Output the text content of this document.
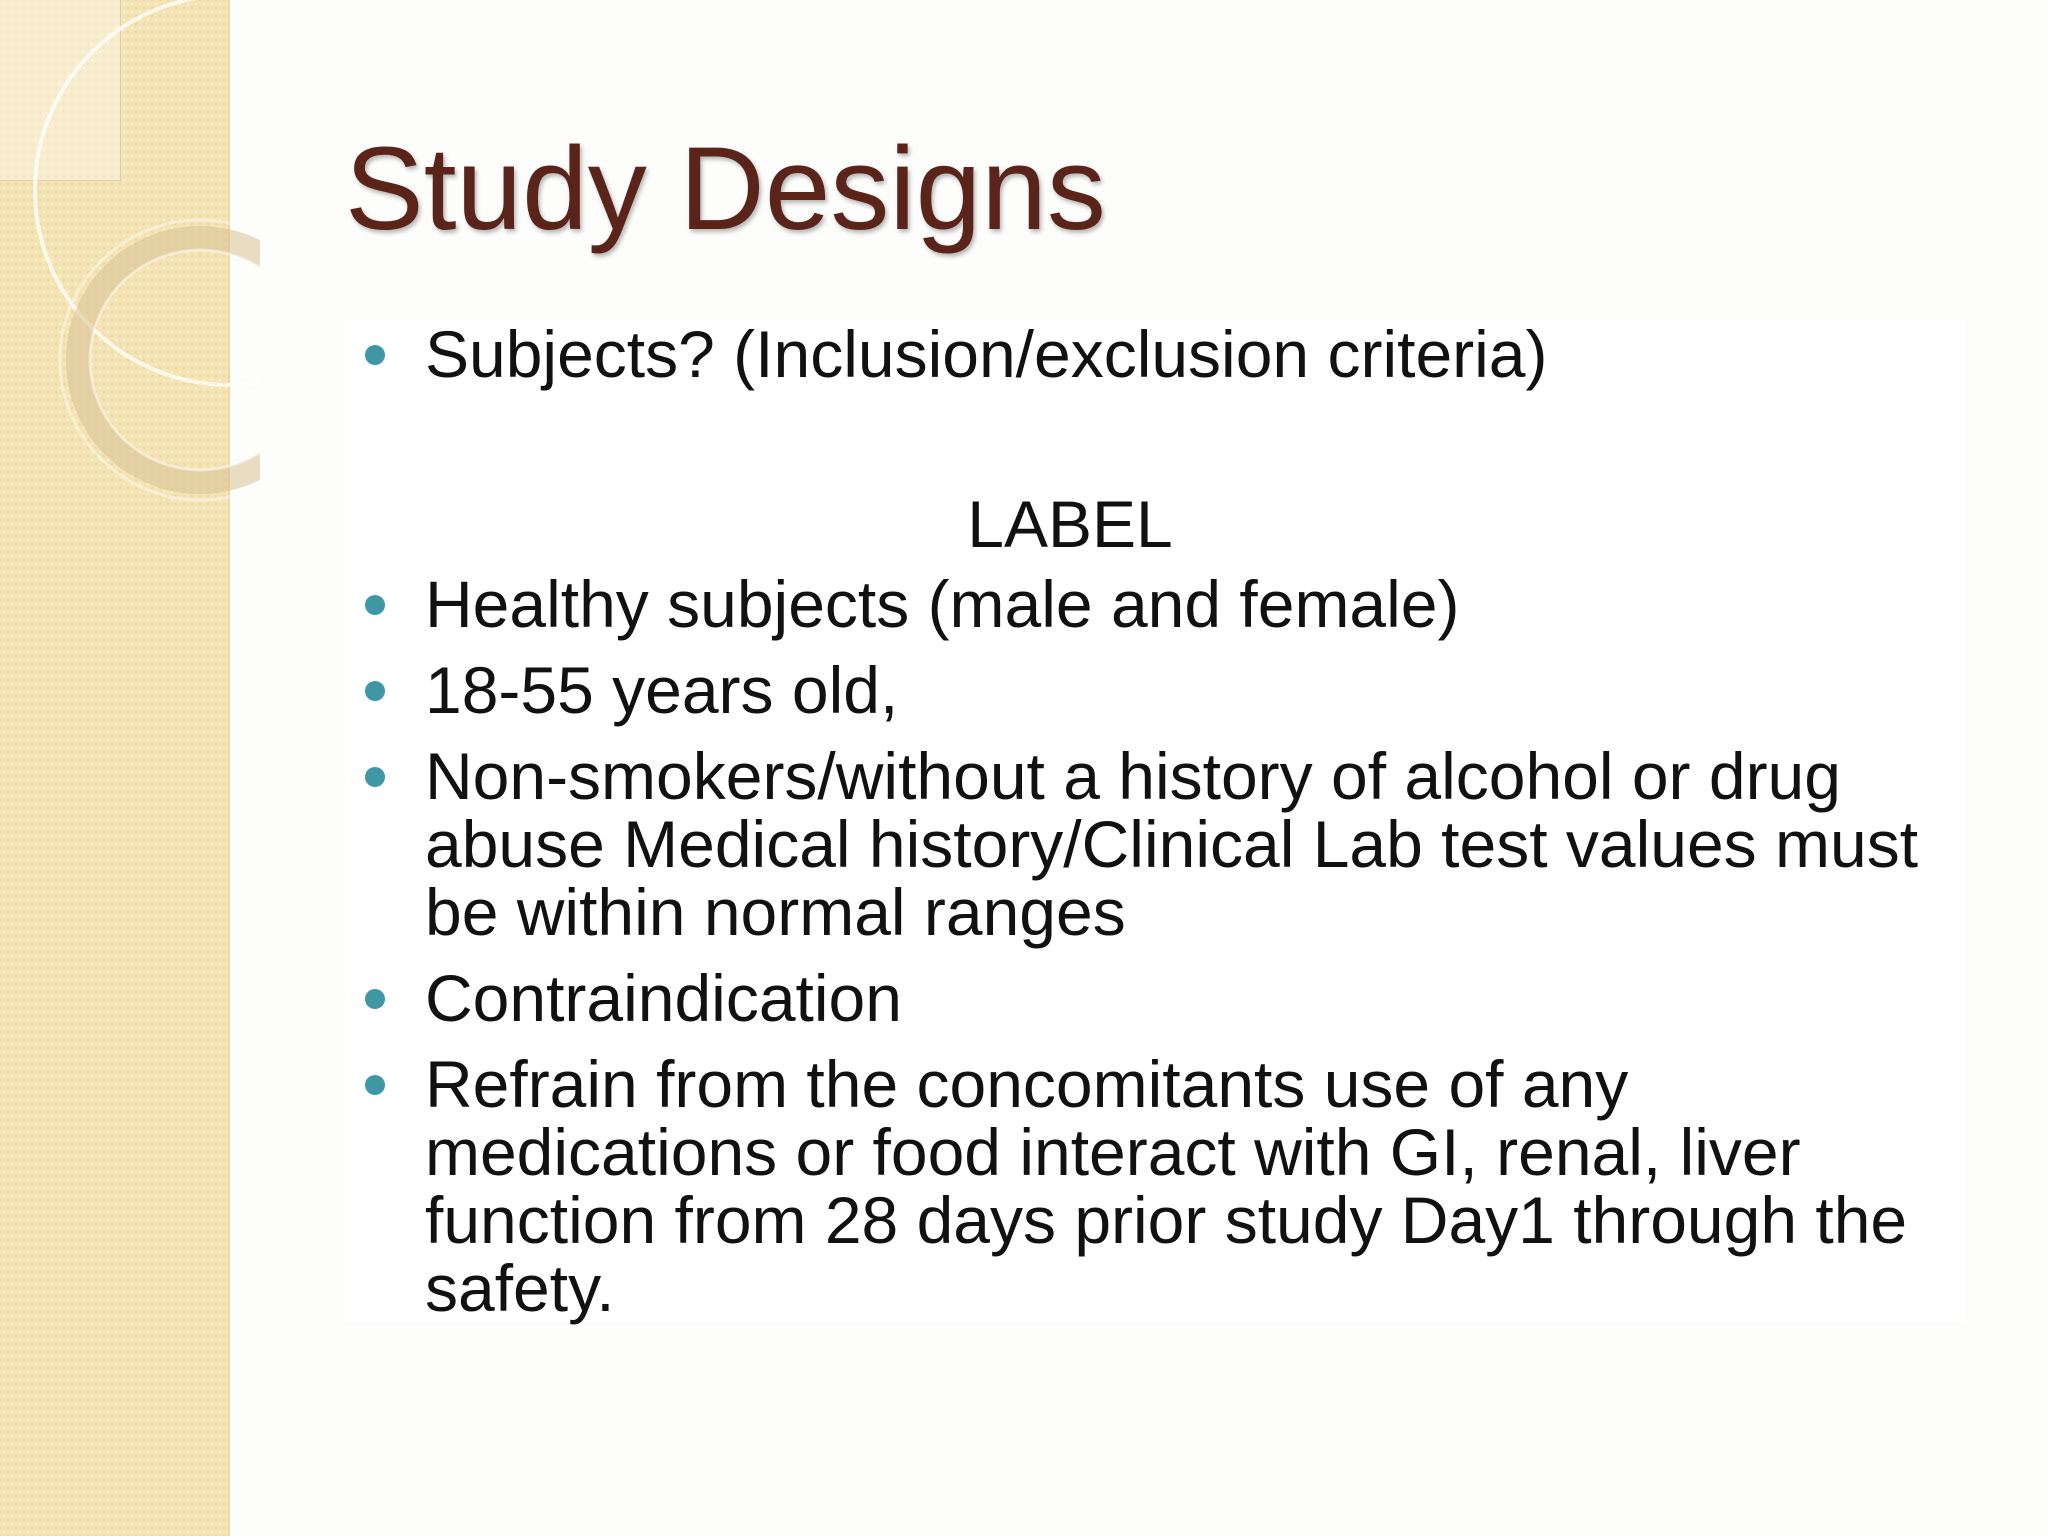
Study Designs
Subjects? (Inclusion/exclusion criteria)
LABEL
Healthy subjects (male and female)
18-55 years old,
Non-smokers/without a history of alcohol or drug abuse Medical history/Clinical Lab test values must be within normal ranges
Contraindication
Refrain from the concomitants use of any medications or food interact with GI, renal, liver function from 28 days prior study Day1 through the safety.
